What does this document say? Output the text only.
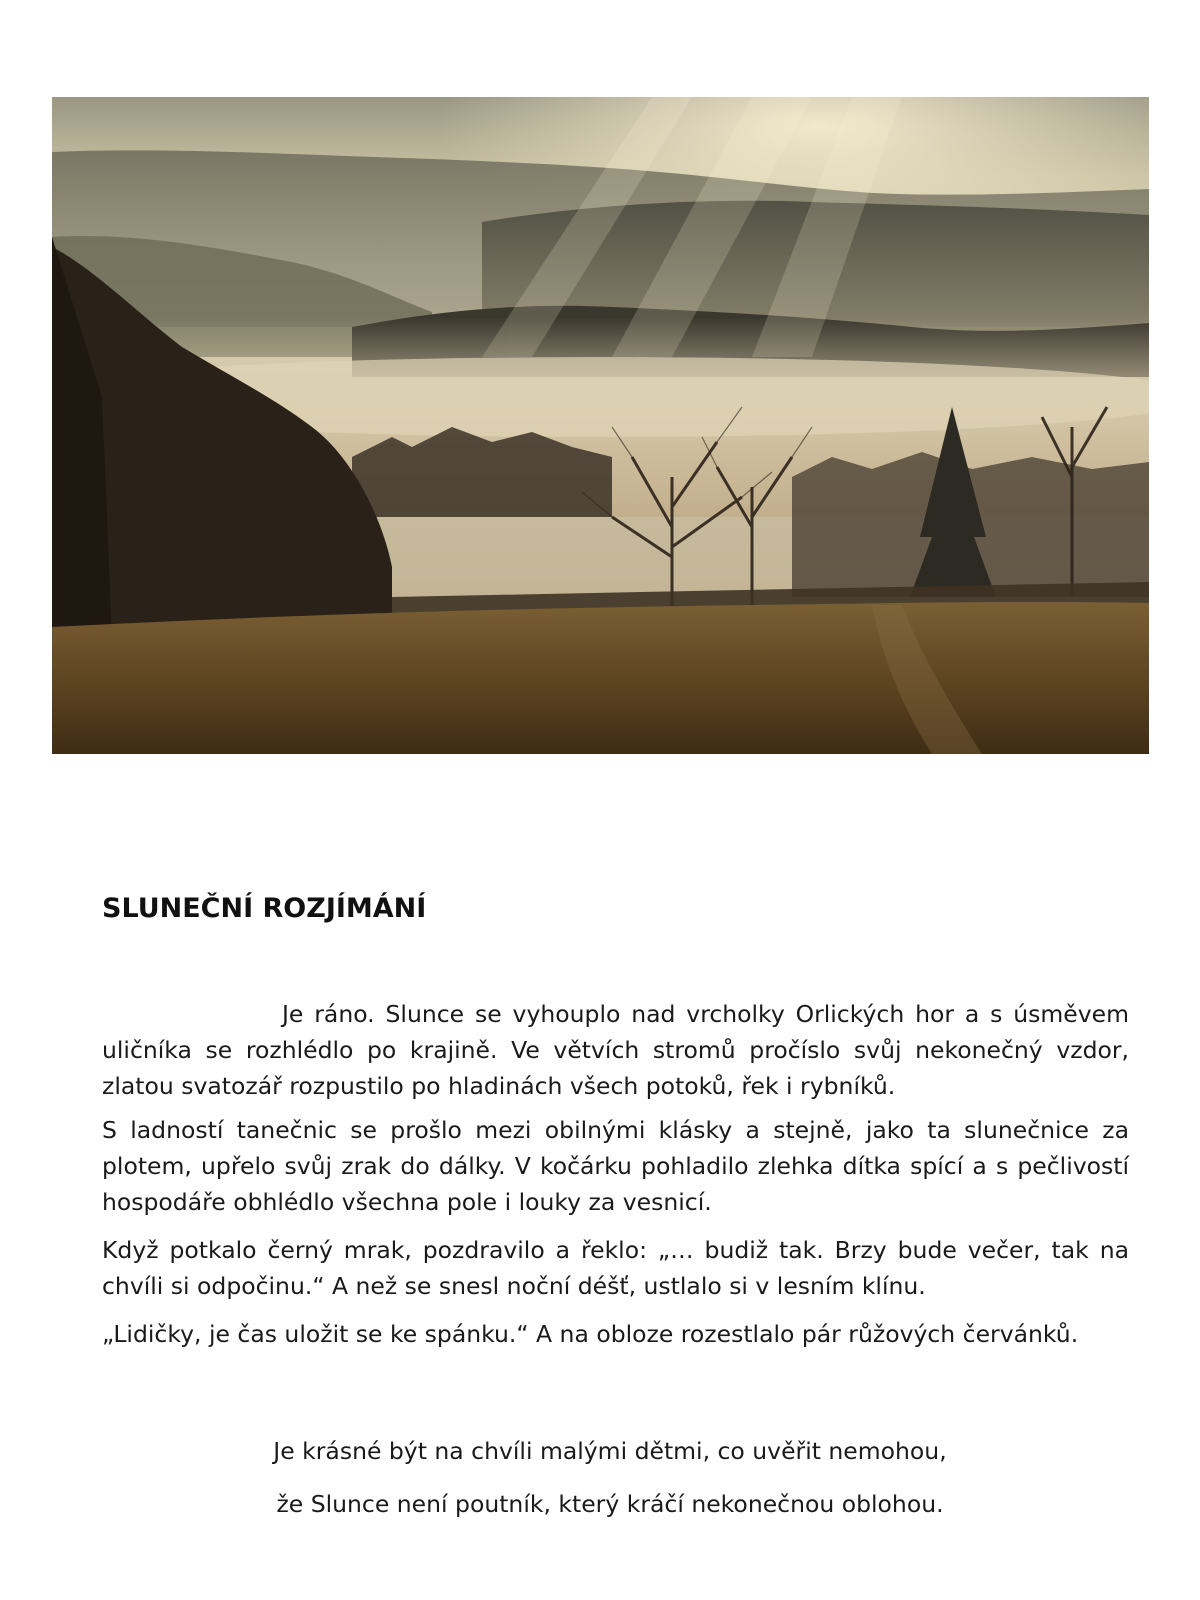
SLUNEČNÍ ROZJÍMÁNÍ

Je ráno. Slunce se vyhouplo nad vrcholky Orlických hor a s úsměvem uličníka se rozhlédlo po krajině. Ve větvích stromů pročíslo svůj nekonečný vzdor, zlatou svatozář rozpustilo po hladinách všech potoků, řek i rybníků.

S ladností tanečnic se prošlo mezi obilnými klásky a stejně, jako ta slunečnice za plotem, upřelo svůj zrak do dálky. V kočárku pohladilo zlehka dítka spící a s pečlivostí hospodáře obhlédlo všechna pole i louky za vesnicí.

Když potkalo černý mrak, pozdravilo a řeklo: „… budiž tak. Brzy bude večer, tak na chvíli si odpočinu.“ A než se snesl noční déšť, ustlalo si v lesním klínu.

„Lidičky, je čas uložit se ke spánku.“ A na obloze rozestlalo pár růžových červánků.

Je krásné být na chvíli malými dětmi, co uvěřit nemohou,
že Slunce není poutník, který kráčí nekonečnou oblohou.
